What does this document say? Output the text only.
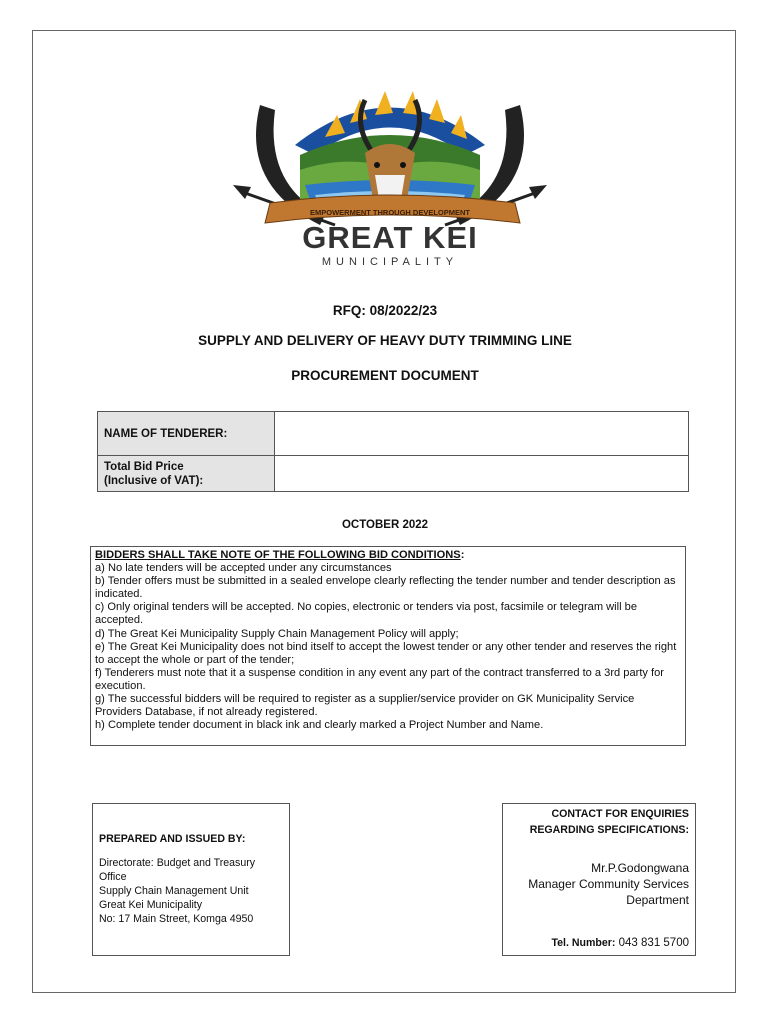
EMPOWERMENT THROUGH DEVELOPMENT
GREAT KEI
MUNICIPALITY
RFQ: 08/2022/23
SUPPLY AND DELIVERY OF HEAVY DUTY TRIMMING LINE
PROCUREMENT DOCUMENT
NAME OF TENDERER:	

Total Bid Price
(Inclusive of VAT):	

OCTOBER 2022

BIDDERS SHALL TAKE NOTE OF THE FOLLOWING BID CONDITIONS:

a) No late tenders will be accepted under any circumstances

b) Tender offers must be submitted in a sealed envelope clearly reflecting the tender number and tender description as indicated.

c) Only original tenders will be accepted. No copies, electronic or tenders via post, facsimile or telegram will be accepted.

d) The Great Kei Municipality Supply Chain Management Policy will apply;

e) The Great Kei Municipality does not bind itself to accept the lowest tender or any other tender and reserves the right to accept the whole or part of the tender;

f) Tenderers must note that it a suspense condition in any event any part of the contract transferred to a 3rd party for execution.

g) The successful bidders will be required to register as a supplier/service provider on GK Municipality Service Providers Database, if not already registered.

h) Complete tender document in black ink and clearly marked a Project Number and Name.

PREPARED AND ISSUED BY:

Directorate: Budget and Treasury Office

Supply Chain Management Unit

Great Kei Municipality

No: 17 Main Street, Komga 4950

CONTACT FOR ENQUIRIES
REGARDING SPECIFICATIONS:
Mr.P.Godongwana
Manager Community Services
Department
Tel. Number: 043 831 5700
